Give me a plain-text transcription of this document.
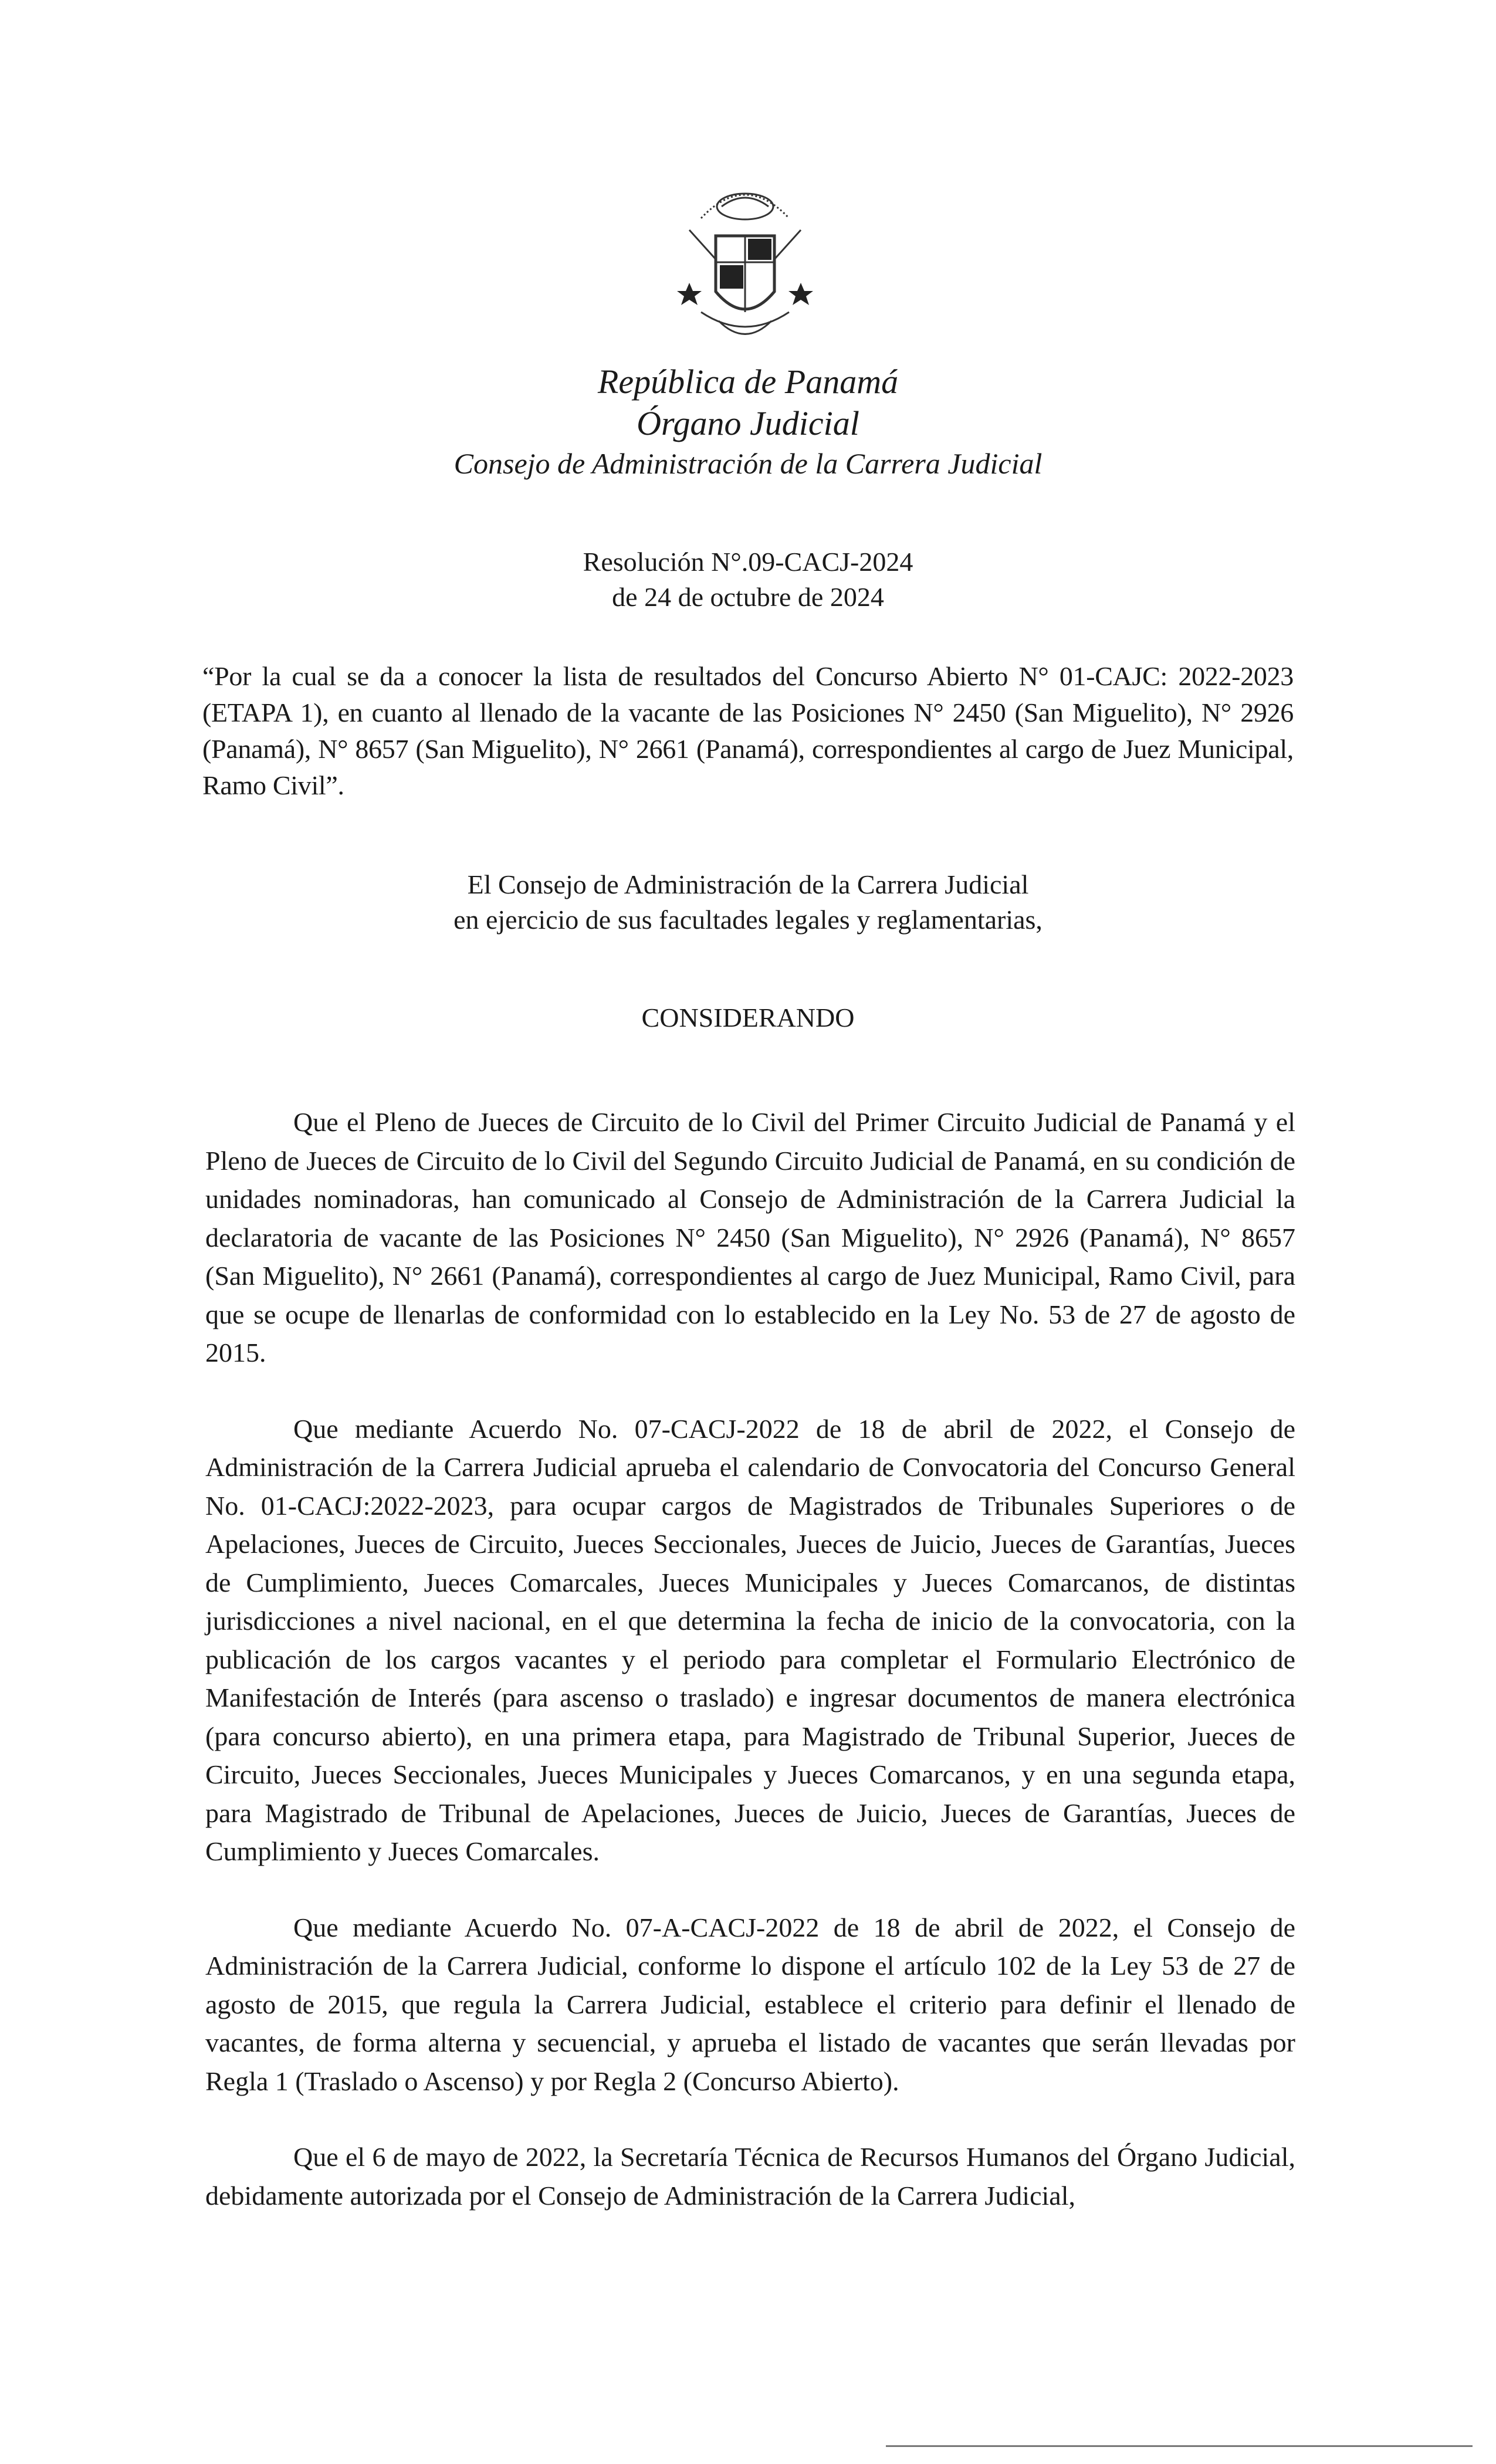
República de Panamá
Órgano Judicial
Consejo de Administración de la Carrera Judicial
Resolución N°.09-CACJ-2024
de 24 de octubre de 2024
“Por la cual se da a conocer la lista de resultados del Concurso Abierto N° 01-CAJC: 2022-2023 (ETAPA 1), en cuanto al llenado de la vacante de las Posiciones N° 2450 (San Miguelito), N° 2926 (Panamá), N° 8657 (San Miguelito), N° 2661 (Panamá), correspondientes al cargo de Juez Municipal, Ramo Civil”.
El Consejo de Administración de la Carrera Judicial
en ejercicio de sus facultades legales y reglamentarias,
CONSIDERANDO

Que el Pleno de Jueces de Circuito de lo Civil del Primer Circuito Judicial de Panamá y el Pleno de Jueces de Circuito de lo Civil del Segundo Circuito Judicial de Panamá, en su condición de unidades nominadoras, han comunicado al Consejo de Administración de la Carrera Judicial la declaratoria de vacante de las Posiciones N° 2450 (San Miguelito), N° 2926 (Panamá), N° 8657 (San Miguelito), N° 2661 (Panamá), correspondientes al cargo de Juez Municipal, Ramo Civil, para que se ocupe de llenarlas de conformidad con lo establecido en la Ley No. 53 de 27 de agosto de 2015.

Que mediante Acuerdo No. 07-CACJ-2022 de 18 de abril de 2022, el Consejo de Administración de la Carrera Judicial aprueba el calendario de Convocatoria del Concurso General No. 01-CACJ:2022-2023, para ocupar cargos de Magistrados de Tribunales Superiores o de Apelaciones, Jueces de Circuito, Jueces Seccionales, Jueces de Juicio, Jueces de Garantías, Jueces de Cumplimiento, Jueces Comarcales, Jueces Municipales y Jueces Comarcanos, de distintas jurisdicciones a nivel nacional, en el que determina la fecha de inicio de la convocatoria, con la publicación de los cargos vacantes y el periodo para completar el Formulario Electrónico de Manifestación de Interés (para ascenso o traslado) e ingresar documentos de manera electrónica (para concurso abierto), en una primera etapa, para Magistrado de Tribunal Superior, Jueces de Circuito, Jueces Seccionales, Jueces Municipales y Jueces Comarcanos, y en una segunda etapa, para Magistrado de Tribunal de Apelaciones, Jueces de Juicio, Jueces de Garantías, Jueces de Cumplimiento y Jueces Comarcales.

Que mediante Acuerdo No. 07-A-CACJ-2022 de 18 de abril de 2022, el Consejo de Administración de la Carrera Judicial, conforme lo dispone el artículo 102 de la Ley 53 de 27 de agosto de 2015, que regula la Carrera Judicial, establece el criterio para definir el llenado de vacantes, de forma alterna y secuencial, y aprueba el listado de vacantes que serán llevadas por Regla 1 (Traslado o Ascenso) y por Regla 2 (Concurso Abierto).

Que el 6 de mayo de 2022, la Secretaría Técnica de Recursos Humanos del Órgano Judicial, debidamente autorizada por el Consejo de Administración de la Carrera Judicial,
